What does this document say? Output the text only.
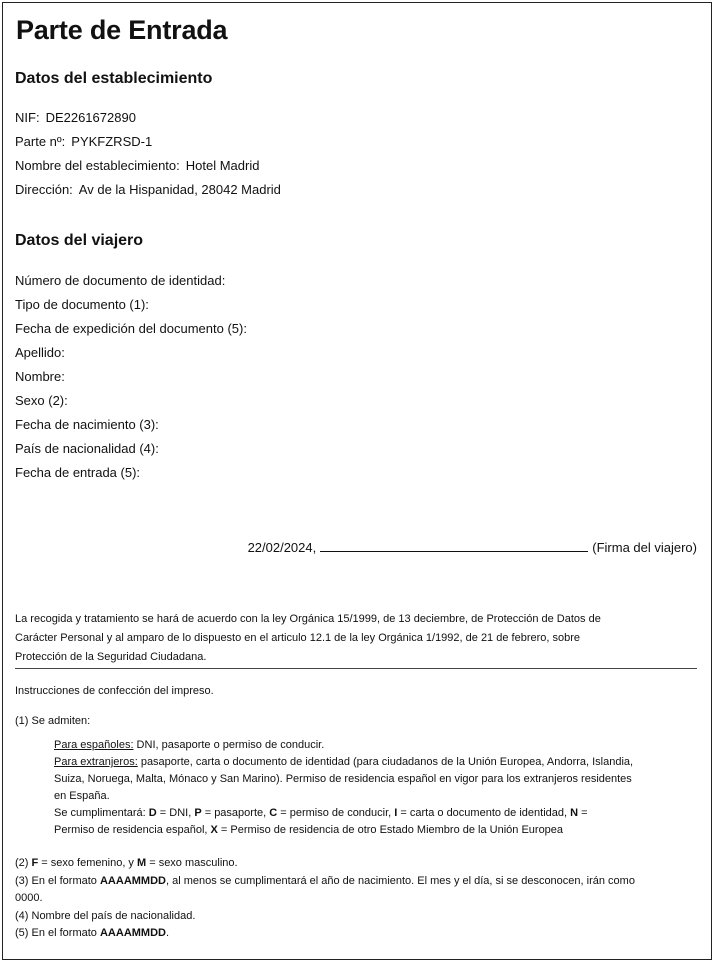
Parte de Entrada
Datos del establecimiento
NIF: DE2261672890
Parte nº: PYKFZRSD-1
Nombre del establecimiento: Hotel Madrid
Dirección: Av de la Hispanidad, 28042 Madrid
Datos del viajero
Número de documento de identidad:
Tipo de documento (1):
Fecha de expedición del documento (5):
Apellido:
Nombre:
Sexo (2):
Fecha de nacimiento (3):
País de nacionalidad (4):
Fecha de entrada (5):
22/02/2024,	(Firma del viajero)
La recogida y tratamiento se hará de acuerdo con la ley Orgánica 15/1999, de 13 deciembre, de Protección de Datos de
Carácter Personal y al amparo de lo dispuesto en el articulo 12.1 de la ley Orgánica 1/1992, de 21 de febrero, sobre
Protección de la Seguridad Ciudadana.
Instrucciones de confección del impreso.
(1) Se admiten:
Para españoles: DNI, pasaporte o permiso de conducir.
Para extranjeros: pasaporte, carta o documento de identidad (para ciudadanos de la Unión Europea, Andorra, Islandia,
Suiza, Noruega, Malta, Mónaco y San Marino). Permiso de residencia español en vigor para los extranjeros residentes
en España.
Se cumplimentará: D = DNI, P = pasaporte, C = permiso de conducir, I = carta o documento de identidad, N =
Permiso de residencia español, X = Permiso de residencia de otro Estado Miembro de la Unión Europea
(2) F = sexo femenino, y M = sexo masculino.
(3) En el formato AAAAMMDD, al menos se cumplimentará el año de nacimiento. El mes y el día, si se desconocen, irán como
0000.
(4) Nombre del país de nacionalidad.
(5) En el formato AAAAMMDD.
